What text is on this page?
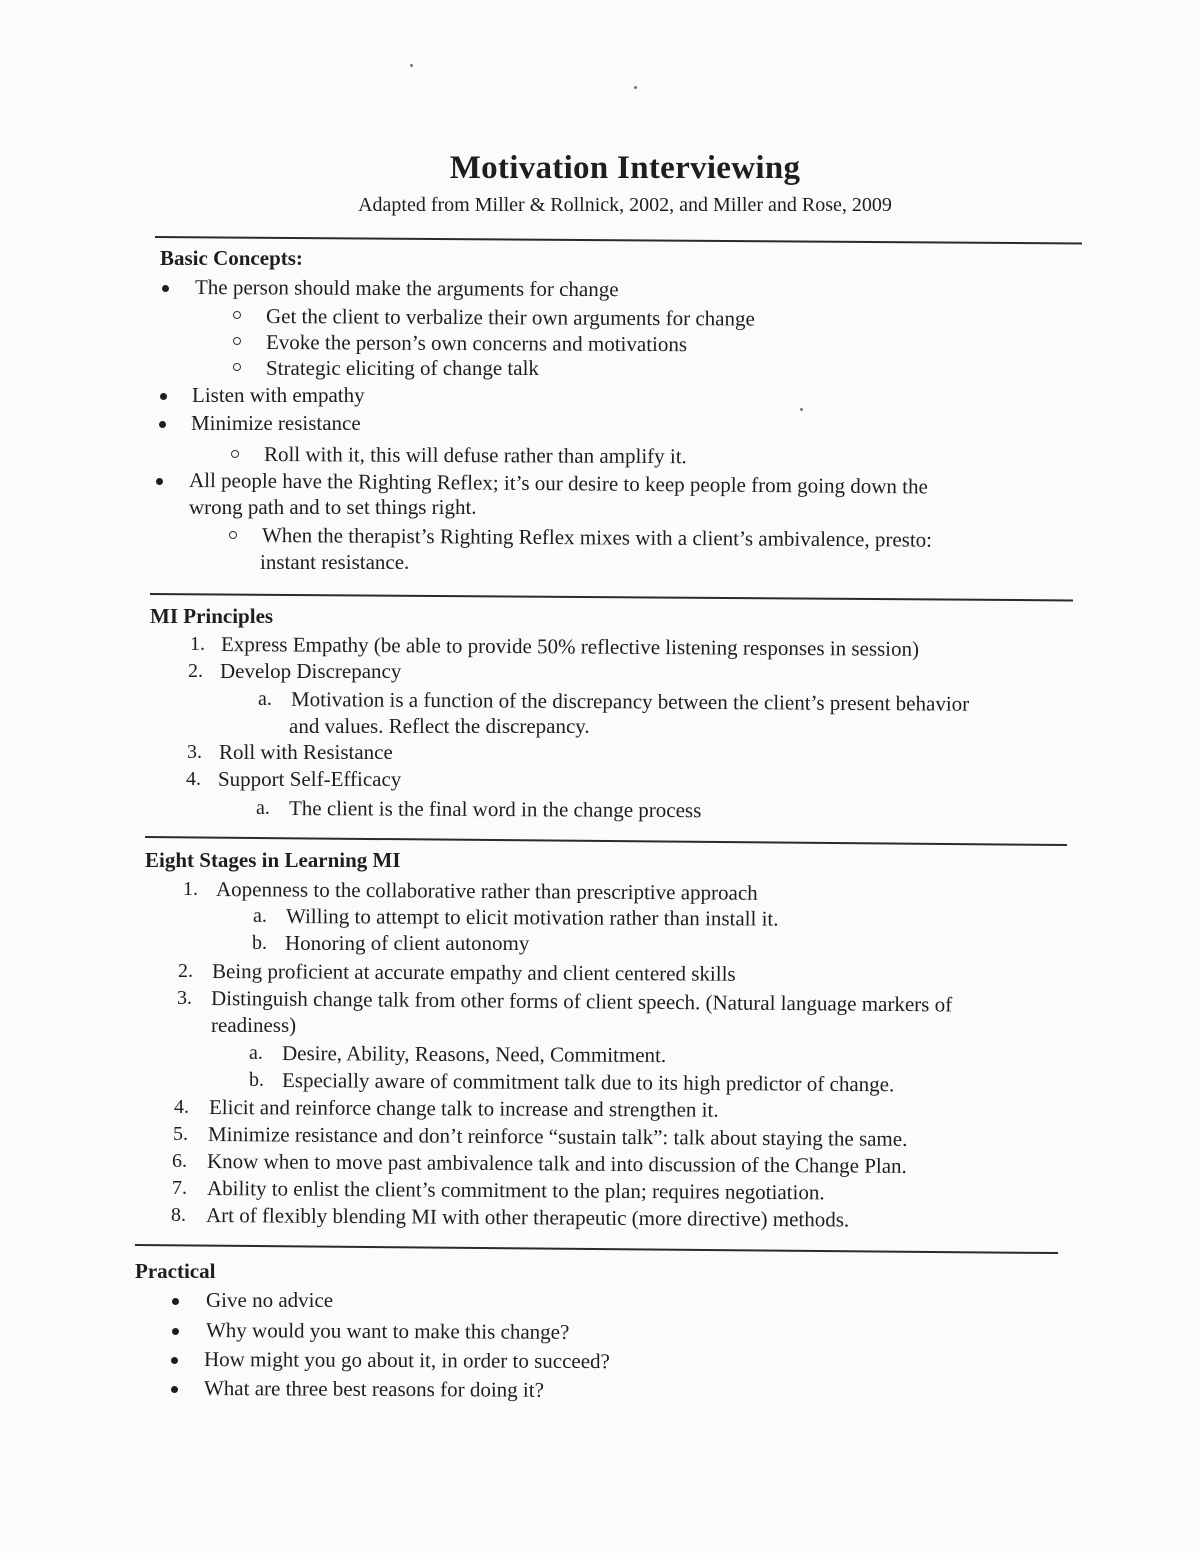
Motivation Interviewing
Adapted from Miller & Rollnick, 2002, and Miller and Rose, 2009
Basic Concepts:
The person should make the arguments for change
Get the client to verbalize their own arguments for change
Evoke the person’s own concerns and motivations
Strategic eliciting of change talk
Listen with empathy
Minimize resistance
Roll with it, this will defuse rather than amplify it.
All people have the Righting Reflex; it’s our desire to keep people from going down the
wrong path and to set things right.
When the therapist’s Righting Reflex mixes with a client’s ambivalence, presto:
instant resistance.
MI Principles
1. Express Empathy (be able to provide 50% reflective listening responses in session)
2. Develop Discrepancy
a. Motivation is a function of the discrepancy between the client’s present behavior
and values. Reflect the discrepancy.
3. Roll with Resistance
4. Support Self-Efficacy
a. The client is the final word in the change process
Eight Stages in Learning MI
1. Aopenness to the collaborative rather than prescriptive approach
a. Willing to attempt to elicit motivation rather than install it.
b. Honoring of client autonomy
2. Being proficient at accurate empathy and client centered skills
3. Distinguish change talk from other forms of client speech. (Natural language markers of
readiness)
a. Desire, Ability, Reasons, Need, Commitment.
b. Especially aware of commitment talk due to its high predictor of change.
4. Elicit and reinforce change talk to increase and strengthen it.
5. Minimize resistance and don’t reinforce “sustain talk”: talk about staying the same.
6. Know when to move past ambivalence talk and into discussion of the Change Plan.
7. Ability to enlist the client’s commitment to the plan; requires negotiation.
8. Art of flexibly blending MI with other therapeutic (more directive) methods.
Practical
Give no advice
Why would you want to make this change?
How might you go about it, in order to succeed?
What are three best reasons for doing it?
